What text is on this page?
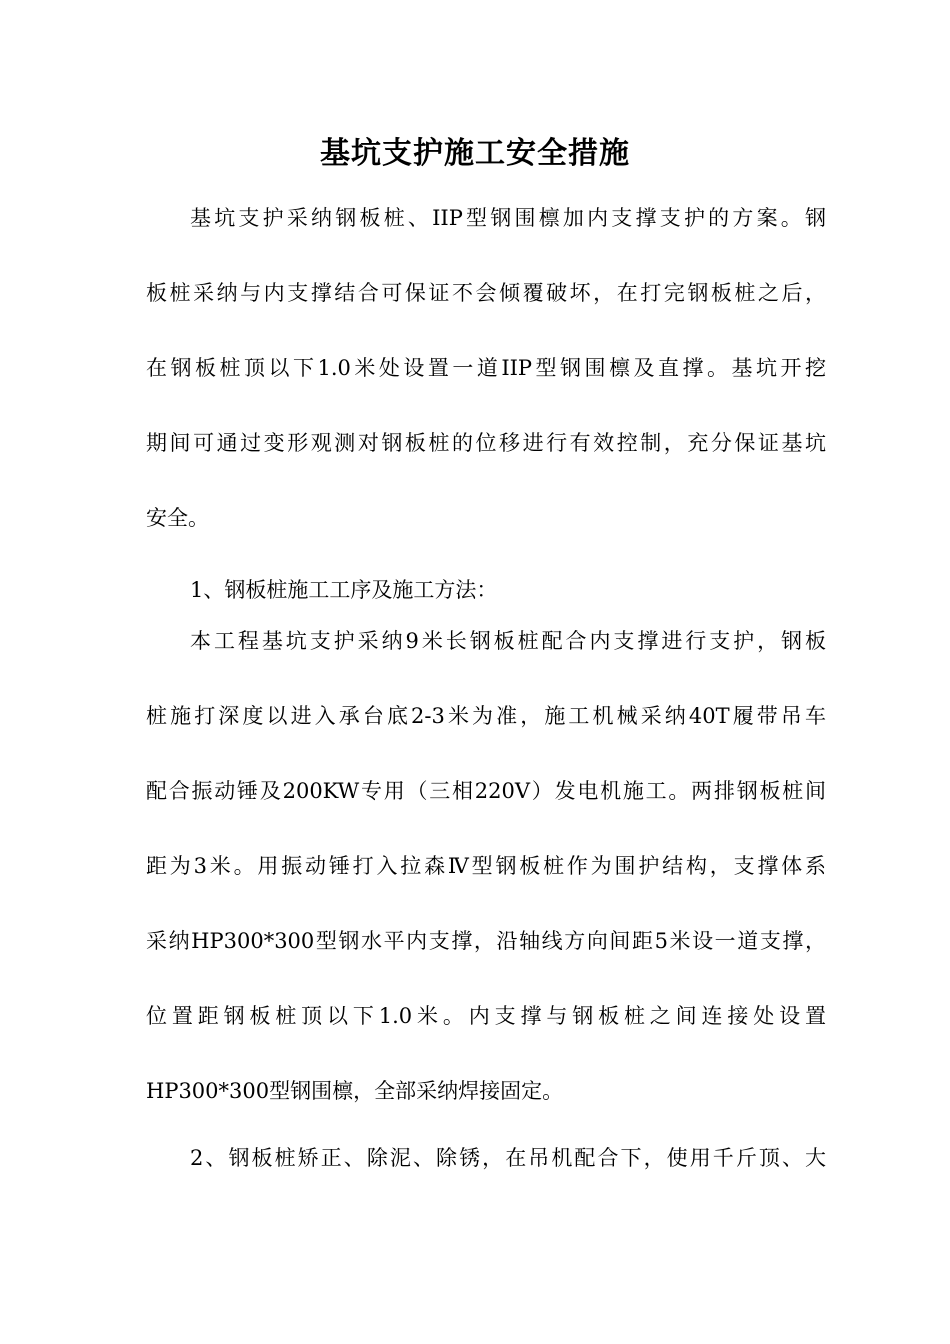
基坑支护施工安全措施

基坑支护采纳钢板桩、IIP型钢围檩加内支撑支护的方案。钢

板桩采纳与内支撑结合可保证不会倾覆破坏，在打完钢板桩之后，

在钢板桩顶以下1.0米处设置一道IIP型钢围檩及直撑。基坑开挖

期间可通过变形观测对钢板桩的位移进行有效控制，充分保证基坑

安全。

1、钢板桩施工工序及施工方法：

本工程基坑支护采纳9米长钢板桩配合内支撑进行支护，钢板

桩施打深度以进入承台底2-3米为准，施工机械采纳40T履带吊车

配合振动锤及200KW专用（三相220V）发电机施工。两排钢板桩间

距为3米。用振动锤打入拉森Ⅳ型钢板桩作为围护结构，支撑体系

采纳HP300*300型钢水平内支撑，沿轴线方向间距5米设一道支撑，

位置距钢板桩顶以下1.0米。内支撑与钢板桩之间连接处设置

HP300*300型钢围檩，全部采纳焊接固定。

2、钢板桩矫正、除泥、除锈，在吊机配合下，使用千斤顶、大
